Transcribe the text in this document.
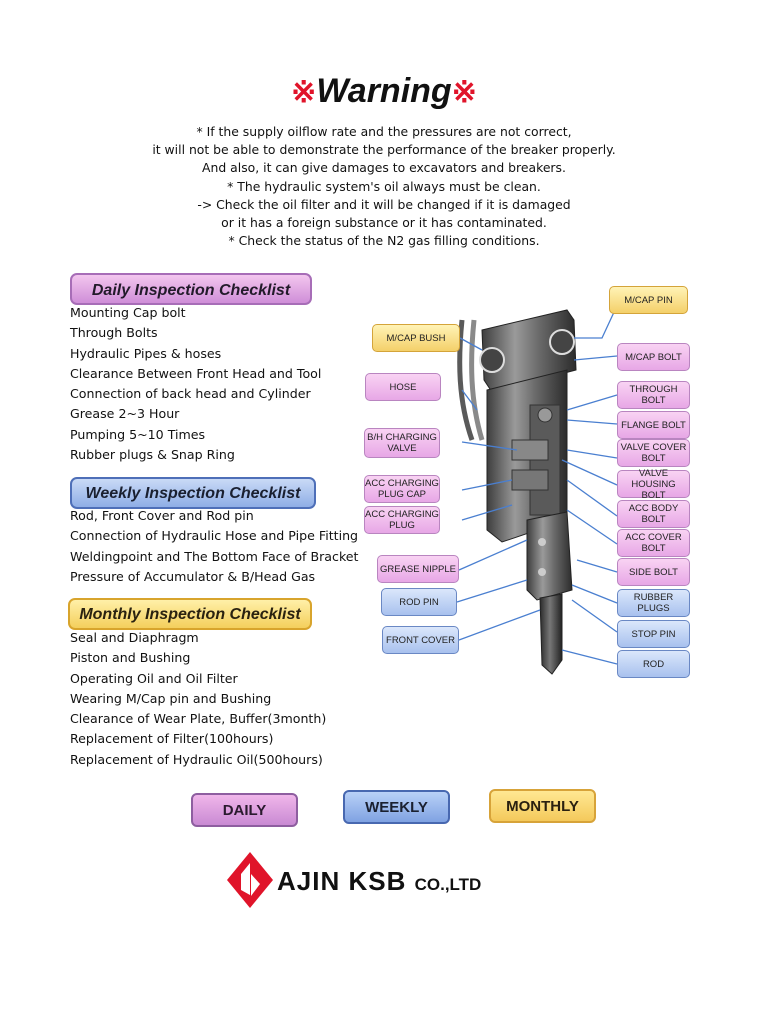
※Warning※
* If the supply oilflow rate and the pressures are not correct,
it will not be able to demonstrate the performance of the breaker properly.
And also, it can give damages to excavators and breakers.
* The hydraulic system's oil always must be clean.
-> Check the oil filter and it will be changed if it is damaged
or it has a foreign substance or it has contaminated.
* Check the status of the N2 gas filling conditions.
Daily Inspection Checklist
Mounting Cap bolt
Through Bolts
Hydraulic Pipes & hoses
Clearance Between Front Head and Tool
Connection of back head and Cylinder
Grease 2~3 Hour
Pumping 5~10 Times
Rubber plugs & Snap Ring
Weekly Inspection Checklist
Rod, Front Cover and Rod pin
Connection of Hydraulic Hose and Pipe Fitting
Weldingpoint and The Bottom Face of Bracket
Pressure of Accumulator & B/Head Gas
Monthly Inspection Checklist
Seal and Diaphragm
Piston and Bushing
Operating Oil and Oil Filter
Wearing M/Cap pin and Bushing
Clearance of Wear Plate, Buffer(3month)
Replacement of Filter(100hours)
Replacement of Hydraulic Oil(500hours)
M/CAP PIN
M/CAP BUSH
M/CAP BOLT
HOSE	THROUGH BOLT
FLANGE BOLT
B/H CHARGING VALVE	VALVE COVER BOLT
VALVE HOUSING BOLT
ACC CHARGING PLUG CAP
ACC BODY BOLT
ACC CHARGING PLUG
ACC COVER BOLT
GREASE NIPPLE	SIDE BOLT
ROD PIN	RUBBER PLUGS
STOP PIN
FRONT COVER
ROD
DAILY	WEEKLY	MONTHLY
AJIN KSB CO.,LTD
